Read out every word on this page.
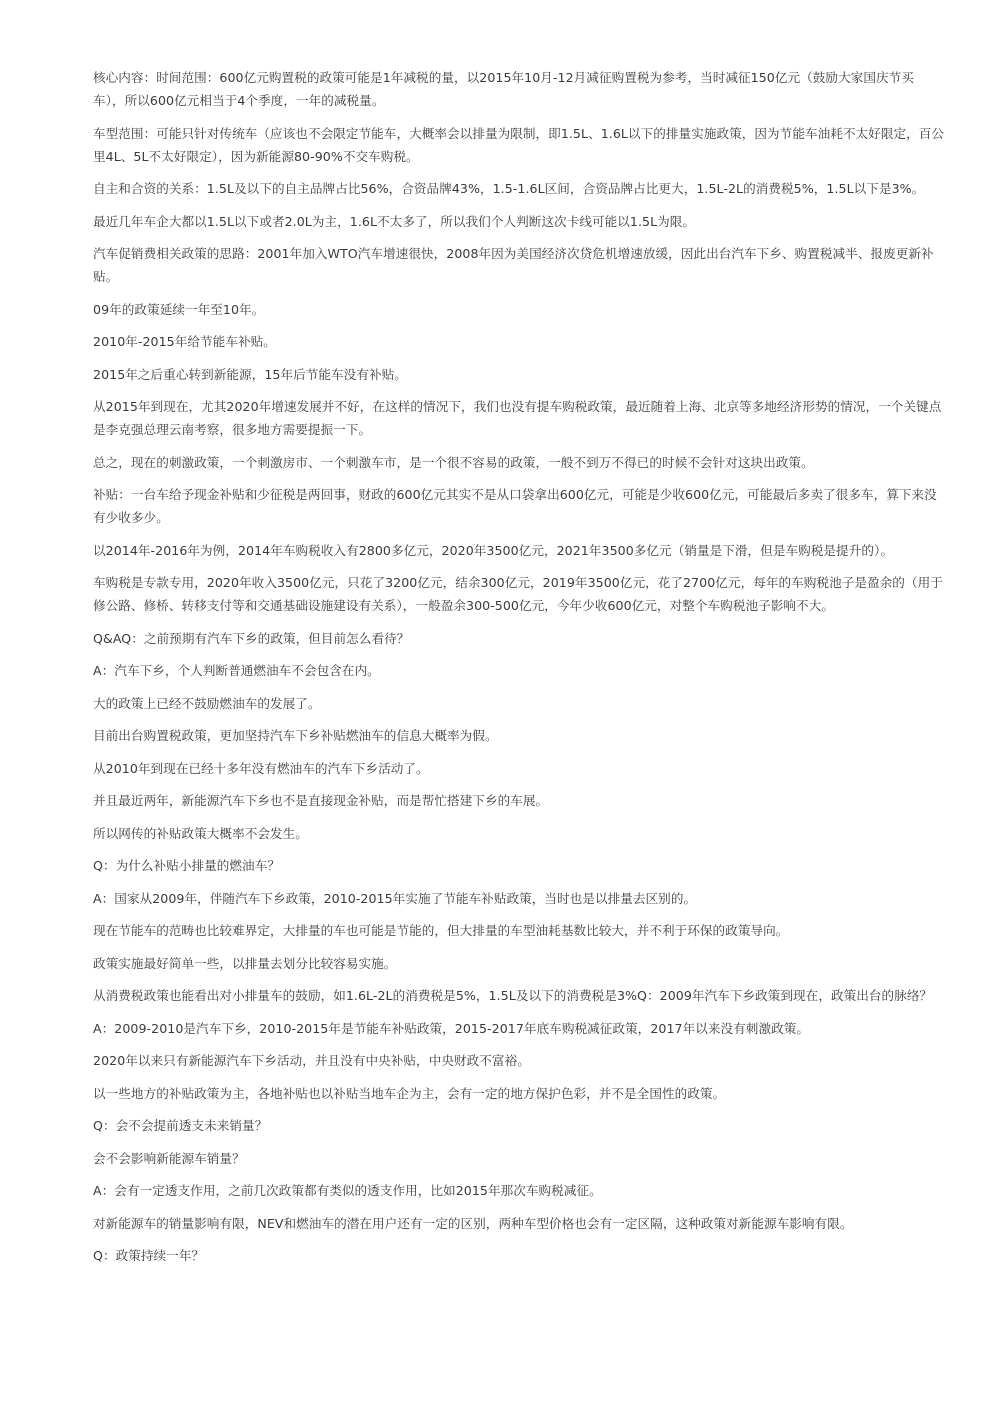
核心内容：时间范围：600亿元购置税的政策可能是1年减税的量，以2015年10月-12月减征购置税为参考，当时减征150亿元（鼓励大家国庆节买车），所以600亿元相当于4个季度，一年的减税量。

车型范围：可能只针对传统车（应该也不会限定节能车，大概率会以排量为限制，即1.5L、1.6L以下的排量实施政策，因为节能车油耗不太好限定，百公里4L、5L不太好限定），因为新能源80-90%不交车购税。

自主和合资的关系：1.5L及以下的自主品牌占比56%，合资品牌43%，1.5-1.6L区间，合资品牌占比更大，1.5L-2L的消费税5%，1.5L以下是3%。

最近几年车企大都以1.5L以下或者2.0L为主，1.6L不太多了，所以我们个人判断这次卡线可能以1.5L为限。

汽车促销费相关政策的思路：2001年加入WTO汽车增速很快，2008年因为美国经济次贷危机增速放缓，因此出台汽车下乡、购置税减半、报废更新补贴。

09年的政策延续一年至10年。

2010年-2015年给节能车补贴。

2015年之后重心转到新能源，15年后节能车没有补贴。

从2015年到现在，尤其2020年增速发展并不好，在这样的情况下，我们也没有提车购税政策，最近随着上海、北京等多地经济形势的情况，一个关键点是李克强总理云南考察，很多地方需要提振一下。

总之，现在的刺激政策，一个刺激房市、一个刺激车市，是一个很不容易的政策，一般不到万不得已的时候不会针对这块出政策。

补贴：一台车给予现金补贴和少征税是两回事，财政的600亿元其实不是从口袋拿出600亿元，可能是少收600亿元，可能最后多卖了很多车，算下来没有少收多少。

以2014年-2016年为例，2014年车购税收入有2800多亿元，2020年3500亿元，2021年3500多亿元（销量是下滑，但是车购税是提升的）。

车购税是专款专用，2020年收入3500亿元，只花了3200亿元，结余300亿元，2019年3500亿元，花了2700亿元，每年的车购税池子是盈余的（用于修公路、修桥、转移支付等和交通基础设施建设有关系），一般盈余300-500亿元，今年少收600亿元，对整个车购税池子影响不大。

Q&AQ：之前预期有汽车下乡的政策，但目前怎么看待？

A：汽车下乡，个人判断普通燃油车不会包含在内。

大的政策上已经不鼓励燃油车的发展了。

目前出台购置税政策，更加坚持汽车下乡补贴燃油车的信息大概率为假。

从2010年到现在已经十多年没有燃油车的汽车下乡活动了。

并且最近两年，新能源汽车下乡也不是直接现金补贴，而是帮忙搭建下乡的车展。

所以网传的补贴政策大概率不会发生。

Q：为什么补贴小排量的燃油车？

A：国家从2009年，伴随汽车下乡政策，2010-2015年实施了节能车补贴政策，当时也是以排量去区别的。

现在节能车的范畴也比较难界定，大排量的车也可能是节能的，但大排量的车型油耗基数比较大，并不利于环保的政策导向。

政策实施最好简单一些，以排量去划分比较容易实施。

从消费税政策也能看出对小排量车的鼓励，如1.6L-2L的消费税是5%，1.5L及以下的消费税是3%Q：2009年汽车下乡政策到现在，政策出台的脉络？

A：2009-2010是汽车下乡，2010-2015年是节能车补贴政策，2015-2017年底车购税减征政策，2017年以来没有刺激政策。

2020年以来只有新能源汽车下乡活动，并且没有中央补贴，中央财政不富裕。

以一些地方的补贴政策为主，各地补贴也以补贴当地车企为主，会有一定的地方保护色彩，并不是全国性的政策。

Q：会不会提前透支未来销量？

会不会影响新能源车销量？

A：会有一定透支作用，之前几次政策都有类似的透支作用，比如2015年那次车购税减征。

对新能源车的销量影响有限，NEV和燃油车的潜在用户还有一定的区别，两种车型价格也会有一定区隔，这种政策对新能源车影响有限。

Q：政策持续一年？
